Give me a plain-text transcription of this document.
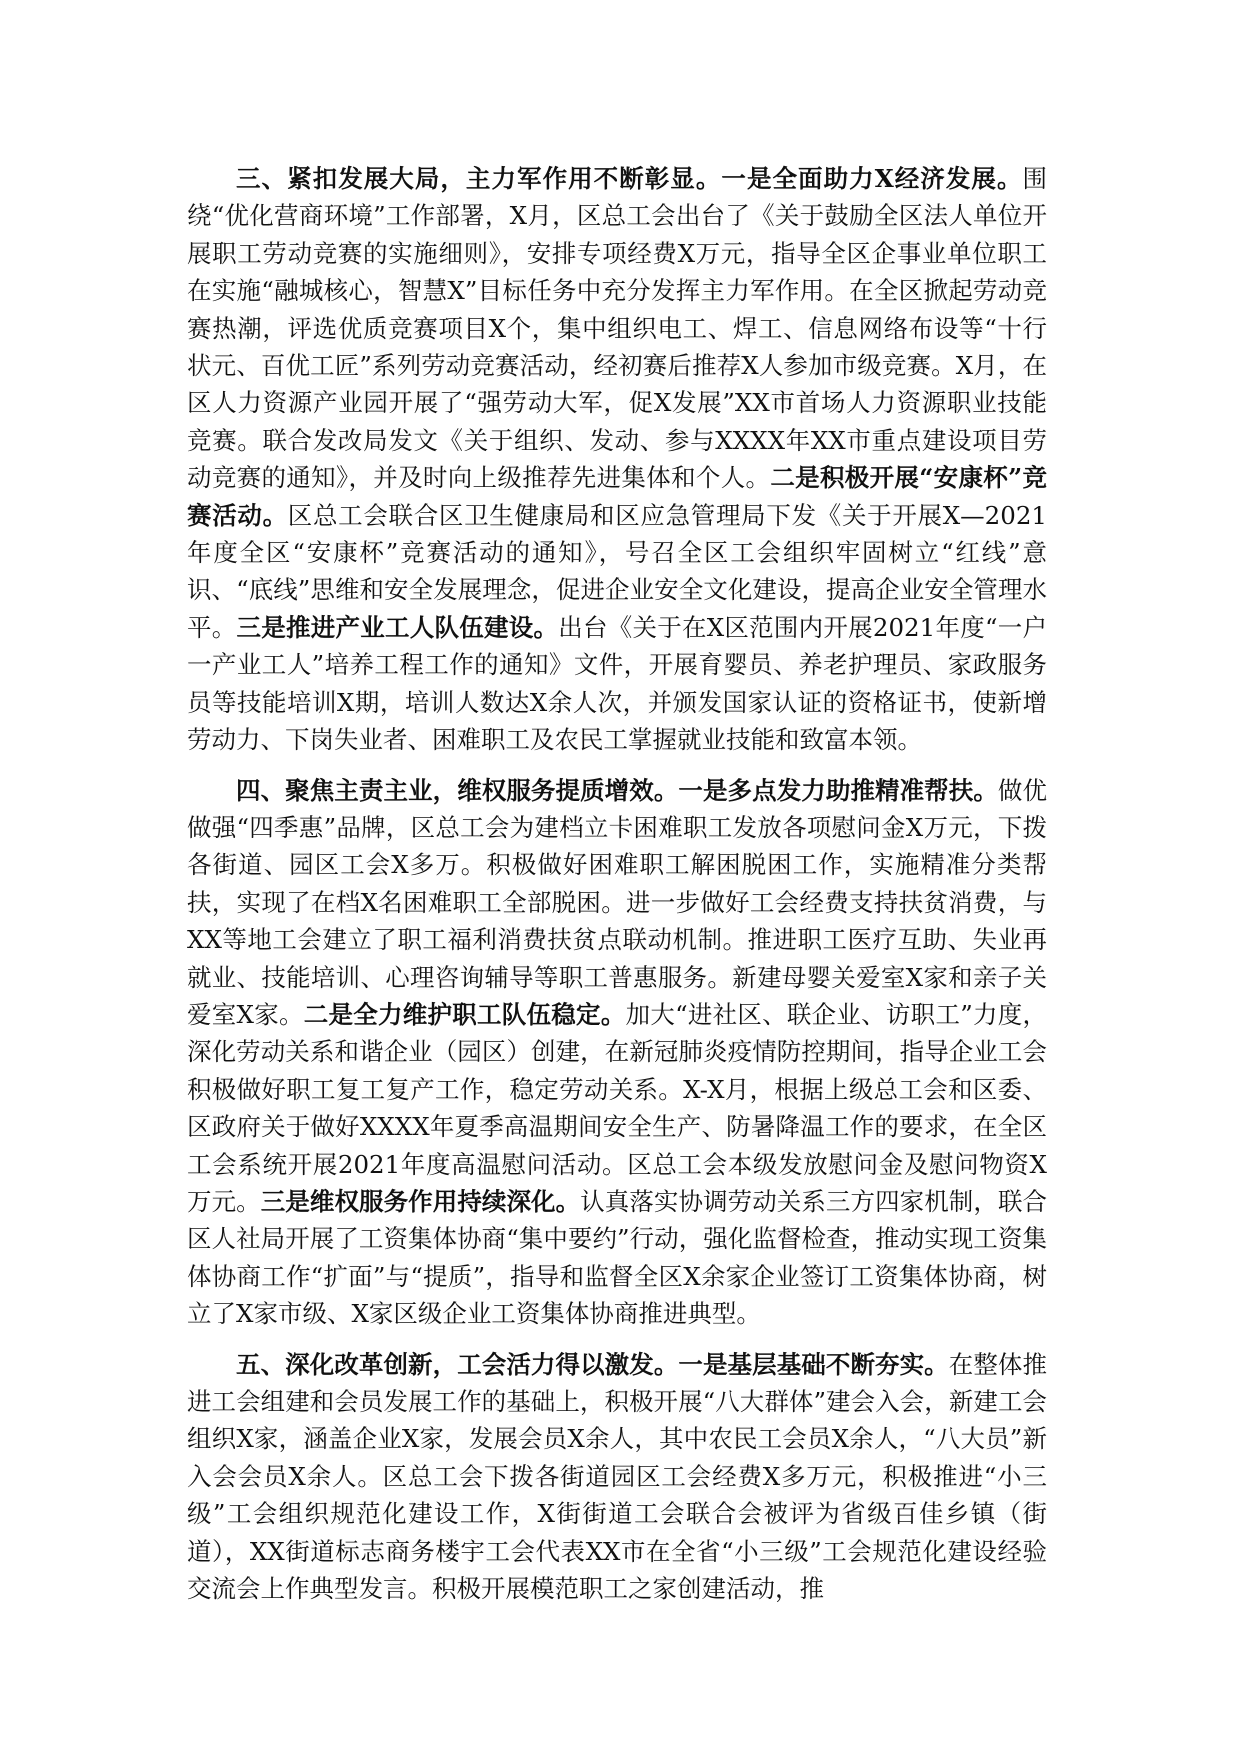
三、紧扣发展大局，主力军作用不断彰显。一是全面助力X经济发展。围绕“优化营商环境”工作部署，X月，区总工会出台了《关于鼓励全区法人单位开展职工劳动竞赛的实施细则》，安排专项经费X万元，指导全区企事业单位职工在实施“融城核心，智慧X”目标任务中充分发挥主力军作用。在全区掀起劳动竞赛热潮，评选优质竞赛项目X个，集中组织电工、焊工、信息网络布设等“十行状元、百优工匠”系列劳动竞赛活动，经初赛后推荐X人参加市级竞赛。X月，在区人力资源产业园开展了“强劳动大军，促X发展”XX市首场人力资源职业技能竞赛。联合发改局发文《关于组织、发动、参与XXXX年XX市重点建设项目劳动竞赛的通知》，并及时向上级推荐先进集体和个人。二是积极开展“安康杯”竞赛活动。区总工会联合区卫生健康局和区应急管理局下发《关于开展X—2021年度全区“安康杯”竞赛活动的通知》，号召全区工会组织牢固树立“红线”意识、“底线”思维和安全发展理念，促进企业安全文化建设，提高企业安全管理水平。三是推进产业工人队伍建设。出台《关于在X区范围内开展2021年度“一户一产业工人”培养工程工作的通知》文件，开展育婴员、养老护理员、家政服务员等技能培训X期，培训人数达X余人次，并颁发国家认证的资格证书，使新增劳动力、下岗失业者、困难职工及农民工掌握就业技能和致富本领。

四、聚焦主责主业，维权服务提质增效。一是多点发力助推精准帮扶。做优做强“四季惠”品牌，区总工会为建档立卡困难职工发放各项慰问金X万元，下拨各街道、园区工会X多万。积极做好困难职工解困脱困工作，实施精准分类帮扶，实现了在档X名困难职工全部脱困。进一步做好工会经费支持扶贫消费，与XX等地工会建立了职工福利消费扶贫点联动机制。推进职工医疗互助、失业再就业、技能培训、心理咨询辅导等职工普惠服务。新建母婴关爱室X家和亲子关爱室X家。二是全力维护职工队伍稳定。加大“进社区、联企业、访职工”力度，深化劳动关系和谐企业（园区）创建，在新冠肺炎疫情防控期间，指导企业工会积极做好职工复工复产工作，稳定劳动关系。X-X月，根据上级总工会和区委、区政府关于做好XXXX年夏季高温期间安全生产、防暑降温工作的要求，在全区工会系统开展2021年度高温慰问活动。区总工会本级发放慰问金及慰问物资X万元。三是维权服务作用持续深化。认真落实协调劳动关系三方四家机制，联合区人社局开展了工资集体协商“集中要约”行动，强化监督检查，推动实现工资集体协商工作“扩面”与“提质”，指导和监督全区X余家企业签订工资集体协商，树立了X家市级、X家区级企业工资集体协商推进典型。

五、深化改革创新，工会活力得以激发。一是基层基础不断夯实。在整体推进工会组建和会员发展工作的基础上，积极开展“八大群体”建会入会，新建工会组织X家，涵盖企业X家，发展会员X余人，其中农民工会员X余人，“八大员”新入会会员X余人。区总工会下拨各街道园区工会经费X多万元，积极推进“小三级”工会组织规范化建设工作，X街街道工会联合会被评为省级百佳乡镇（街道），XX街道标志商务楼宇工会代表XX市在全省“小三级”工会规范化建设经验交流会上作典型发言。积极开展模范职工之家创建活动，推
